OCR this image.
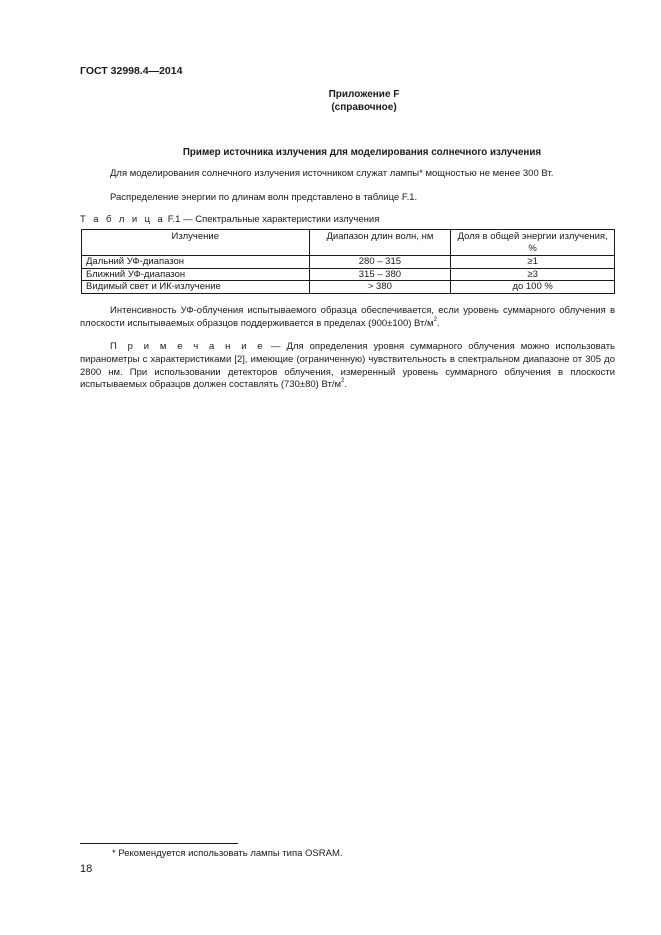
ГОСТ 32998.4—2014
Приложение F
(справочное)
Пример источника излучения для моделирования солнечного излучения
Для моделирования солнечного излучения источником служат лампы* мощностью не менее 300 Вт.
Распределение энергии по длинам волн представлено в таблице F.1.
Т а б л и ц а F.1 — Спектральные характеристики излучения
Излучение	Диапазон длин волн, нм	Доля в общей энергии излучения, %
Дальний УФ-диапазон	280 – 315	≥1
Ближний УФ-диапазон	315 – 380	≥3
Видимый свет и ИК-излучение	> 380	до 100 %
Интенсивность УФ-облучения испытываемого образца обеспечивается, если уровень суммарного облучения в плоскости испытываемых образцов поддерживается в пределах (900±100) $Вт/м^2$.
П р и м е ч а н и е — Для определения уровня суммарного облучения можно использовать пиранометры с характеристиками [2], имеющие (ограниченную) чувствительность в спектральном диапазоне от 305 до 2800 нм. При использовании детекторов облучения, измеренный уровень суммарного облучения в плоскости испытываемых образцов должен составлять (730±80) $Вт/м^2$.
* Рекомендуется использовать лампы типа OSRAM.
18
